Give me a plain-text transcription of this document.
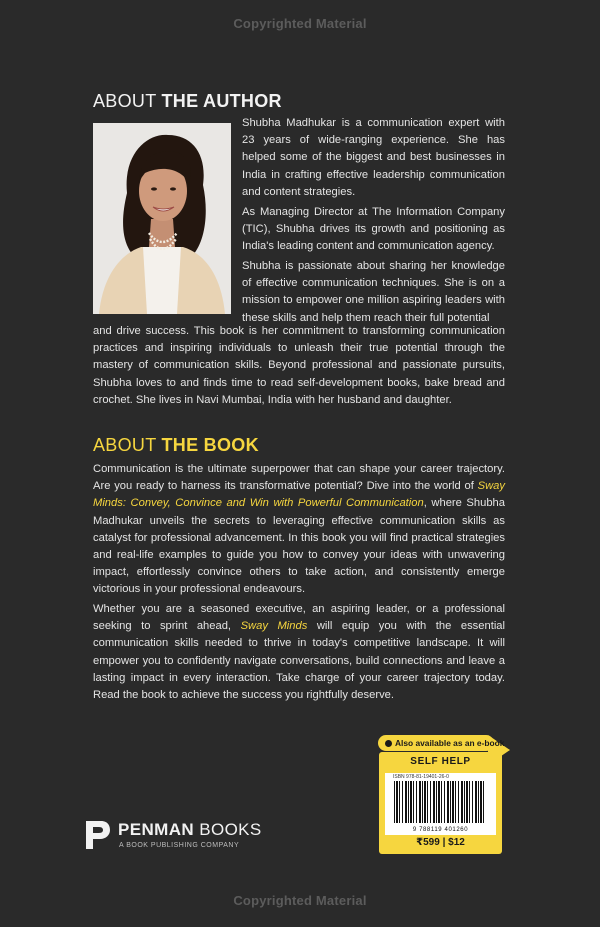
Copyrighted Material
ABOUT THE AUTHOR
Shubha Madhukar is a communication expert with 23 years of wide-ranging experience. She has helped some of the biggest and best businesses in India in crafting effective leadership communication and content strategies.
As Managing Director at The Information Company (TIC), Shubha drives its growth and positioning as India's leading content and communication agency.
Shubha is passionate about sharing her knowledge of effective communication techniques. She is on a mission to empower one million aspiring leaders with these skills and help them reach their full potential
and drive success. This book is her commitment to transforming communication practices and inspiring individuals to unleash their true potential through the mastery of communication skills. Beyond professional and passionate pursuits, Shubha loves to and finds time to read self-development books, bake bread and crochet. She lives in Navi Mumbai, India with her husband and daughter.
ABOUT THE BOOK
Communication is the ultimate superpower that can shape your career trajectory. Are you ready to harness its transformative potential? Dive into the world of Sway Minds: Convey, Convince and Win with Powerful Communication, where Shubha Madhukar unveils the secrets to leveraging effective communication skills as catalyst for professional advancement. In this book you will find practical strategies and real-life examples to guide you how to convey your ideas with unwavering impact, effortlessly convince others to take action, and consistently emerge victorious in your professional endeavours.
Whether you are a seasoned executive, an aspiring leader, or a professional seeking to sprint ahead, Sway Minds will equip you with the essential communication skills needed to thrive in today's competitive landscape. It will empower you to confidently navigate conversations, build connections and leave a lasting impact in every interaction. Take charge of your career trajectory today. Read the book to achieve the success you rightfully deserve.
Also available as an e-book
SELF HELP
ISBN 978-81-19401-26-0
9 788119 401260
₹599 | $12
PENMAN BOOKS
A BOOK PUBLISHING COMPANY
Copyrighted Material
